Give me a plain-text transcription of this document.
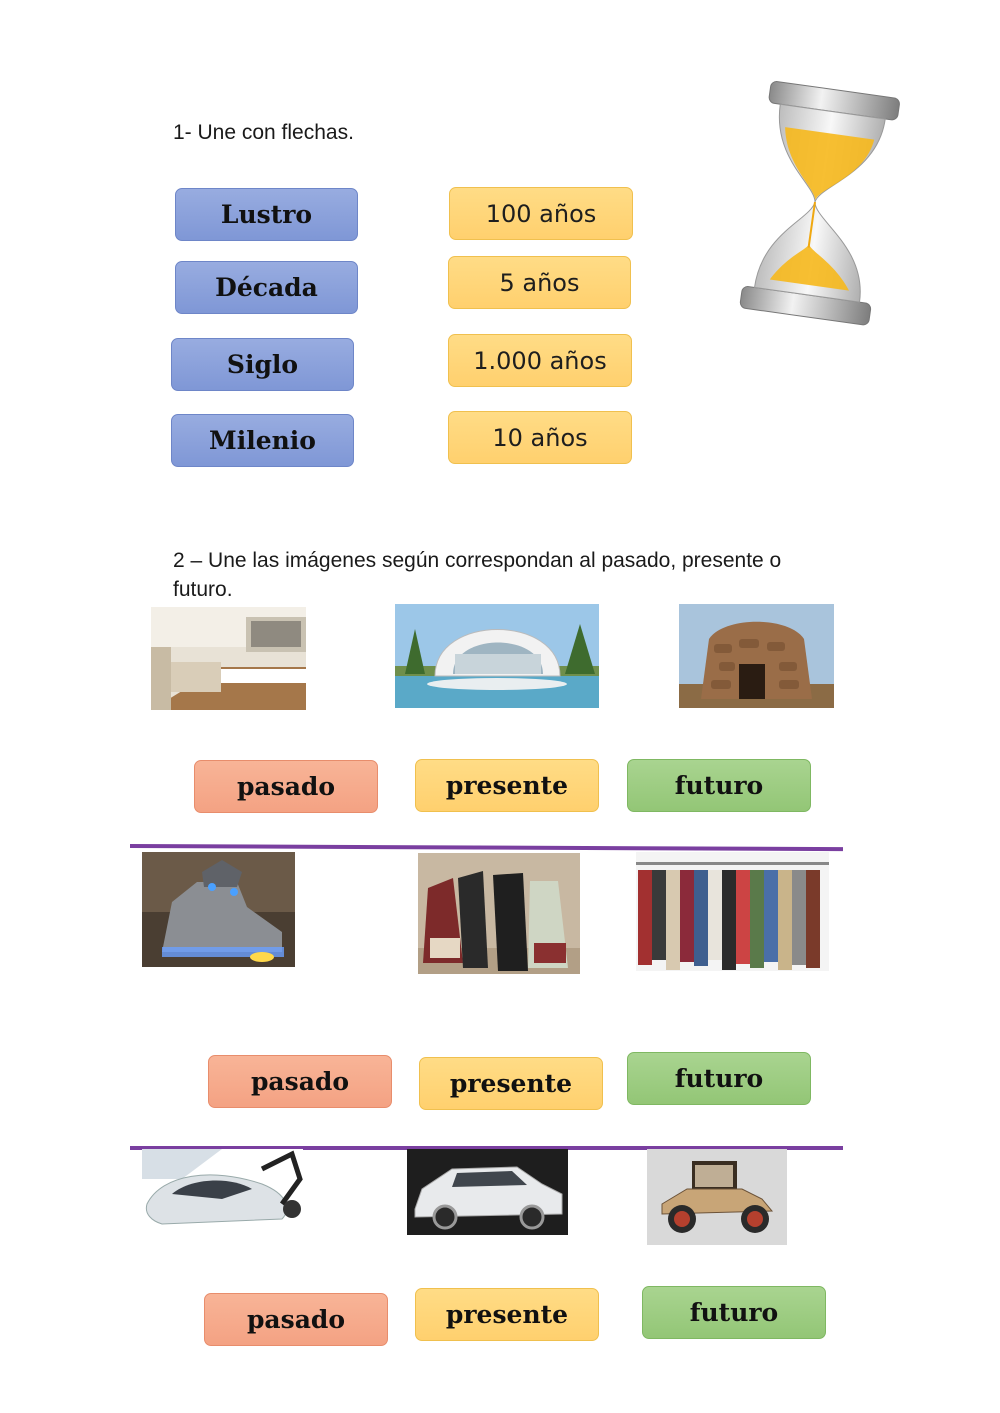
1- Une con flechas.
Lustro
Década
Siglo
Milenio
100 años
5 años
1.000 años
10 años
2 – Une las imágenes según correspondan al pasado, presente o
futuro.
pasado	presente	futuro
pasado	presente	futuro
pasado	presente	futuro
